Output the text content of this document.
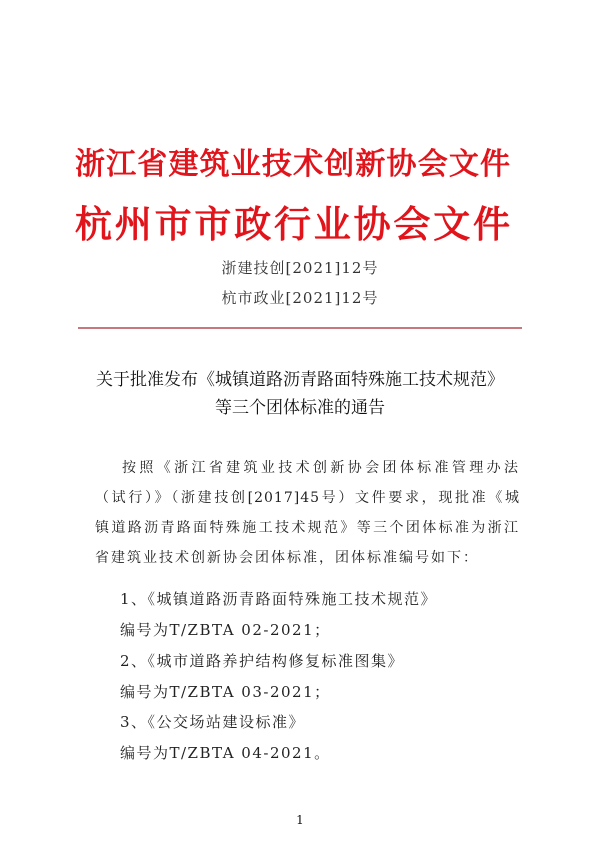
浙江省建筑业技术创新协会文件
杭州市市政行业协会文件
浙建技创[2021]12号
杭市政业[2021]12号
关于批准发布《城镇道路沥青路面特殊施工技术规范》
等三个团体标准的通告
按照《浙江省建筑业技术创新协会团体标准管理办法
（试行）》（浙建技创[2017]45号）文件要求，现批准《城
镇道路沥青路面特殊施工技术规范》等三个团体标准为浙江
省建筑业技术创新协会团体标准，团体标准编号如下：
1、《城镇道路沥青路面特殊施工技术规范》
编号为T/ZBTA 02-2021；
2、《城市道路养护结构修复标准图集》
编号为T/ZBTA 03-2021；
3、《公交场站建设标准》
编号为T/ZBTA 04-2021。
1
